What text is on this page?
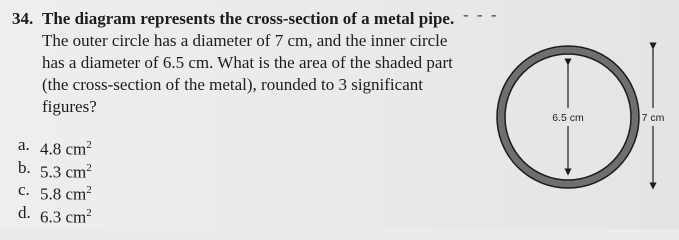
- - -
34. The diagram represents the cross-section of a metal pipe.
The outer circle has a diameter of 7 cm, and the inner circle
has a diameter of 6.5 cm. What is the area of the shaded part
(the cross-section of the metal), rounded to 3 significant
figures?
a. 4.8 $cm^2$
b. 5.3 $cm^2$
c. 5.8 $cm^2$
d. 6.3 $cm^2$
6.5 cm	7 cm
